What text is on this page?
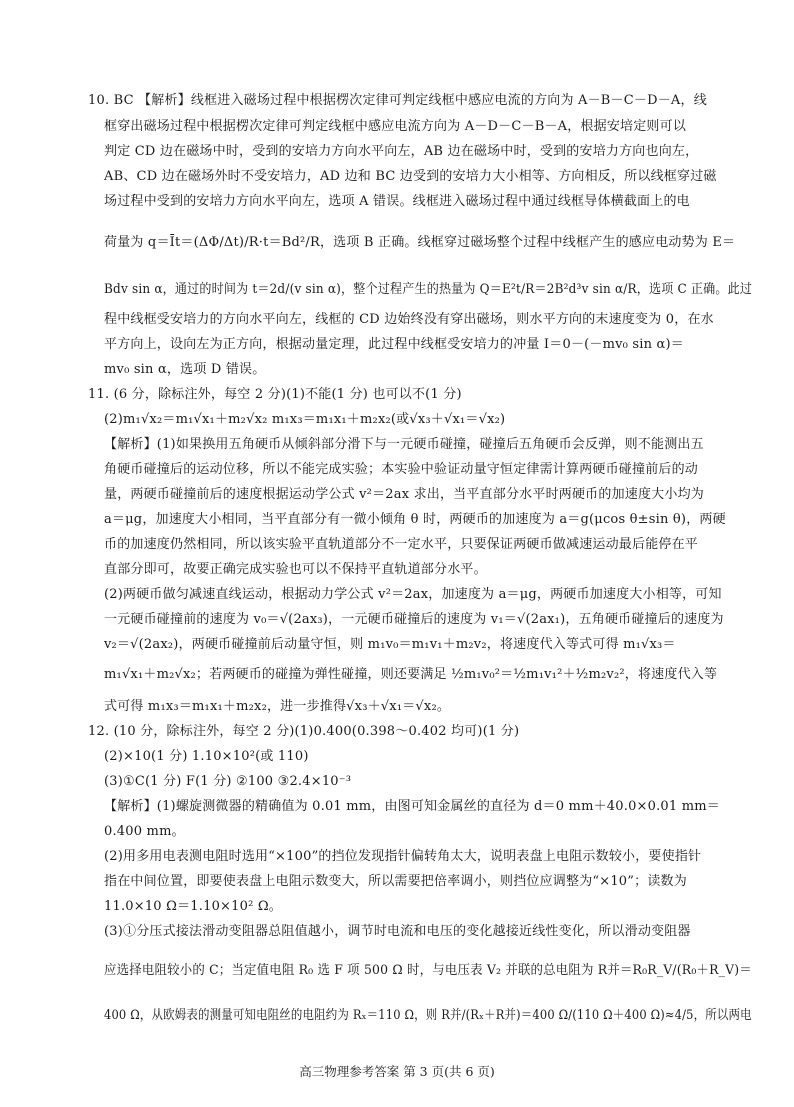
10. BC 【解析】线框进入磁场过程中根据楞次定律可判定线框中感应电流的方向为 A－B－C－D－A，线
框穿出磁场过程中根据楞次定律可判定线框中感应电流方向为 A－D－C－B－A，根据安培定则可以
判定 CD 边在磁场中时，受到的安培力方向水平向左，AB 边在磁场中时，受到的安培力方向也向左，
AB、CD 边在磁场外时不受安培力，AD 边和 BC 边受到的安培力大小相等、方向相反，所以线框穿过磁
场过程中受到的安培力方向水平向左，选项 A 错误。线框进入磁场过程中通过线框导体横截面上的电
荷量为 q＝Īt＝(ΔΦ/Δt)/R·t＝Bd²/R，选项 B 正确。线框穿过磁场整个过程中线框产生的感应电动势为 E＝
Bdv sin α，通过的时间为 t＝2d/(v sin α)，整个过程产生的热量为 Q＝E²t/R＝2B²d³v sin α/R，选项 C 正确。此过
程中线框受安培力的方向水平向左，线框的 CD 边始终没有穿出磁场，则水平方向的末速度变为 0，在水
平方向上，设向左为正方向，根据动量定理，此过程中线框受安培力的冲量 I＝0－(－mv₀ sin α)＝
mv₀ sin α，选项 D 错误。
11. (6 分，除标注外，每空 2 分)(1)不能(1 分) 也可以不(1 分)
(2)m₁√x₂＝m₁√x₁＋m₂√x₂ m₁x₃＝m₁x₁＋m₂x₂(或√x₃＋√x₁＝√x₂)
【解析】(1)如果换用五角硬币从倾斜部分滑下与一元硬币碰撞，碰撞后五角硬币会反弹，则不能测出五
角硬币碰撞后的运动位移，所以不能完成实验；本实验中验证动量守恒定律需计算两硬币碰撞前后的动
量，两硬币碰撞前后的速度根据运动学公式 v²＝2ax 求出，当平直部分水平时两硬币的加速度大小均为
a＝μg，加速度大小相同，当平直部分有一微小倾角 θ 时，两硬币的加速度为 a＝g(μcos θ±sin θ)，两硬
币的加速度仍然相同，所以该实验平直轨道部分不一定水平，只要保证两硬币做减速运动最后能停在平
直部分即可，故要正确完成实验也可以不保持平直轨道部分水平。
(2)两硬币做匀减速直线运动，根据动力学公式 v²＝2ax，加速度为 a＝μg，两硬币加速度大小相等，可知
一元硬币碰撞前的速度为 v₀＝√(2ax₃)，一元硬币碰撞后的速度为 v₁＝√(2ax₁)，五角硬币碰撞后的速度为
v₂＝√(2ax₂)，两硬币碰撞前后动量守恒，则 m₁v₀＝m₁v₁＋m₂v₂，将速度代入等式可得 m₁√x₃＝
m₁√x₁＋m₂√x₂；若两硬币的碰撞为弹性碰撞，则还要满足 ½m₁v₀²＝½m₁v₁²＋½m₂v₂²，将速度代入等
式可得 m₁x₃＝m₁x₁＋m₂x₂，进一步推得√x₃＋√x₁＝√x₂。
12. (10 分，除标注外，每空 2 分)(1)0.400(0.398～0.402 均可)(1 分)
(2)×10(1 分) 1.10×10²(或 110)
(3)①C(1 分) F(1 分) ②100 ③2.4×10⁻³
【解析】(1)螺旋测微器的精确值为 0.01 mm，由图可知金属丝的直径为 d＝0 mm＋40.0×0.01 mm＝
0.400 mm。
(2)用多用电表测电阻时选用“×100”的挡位发现指针偏转角太大，说明表盘上电阻示数较小，要使指针
指在中间位置，即要使表盘上电阻示数变大，所以需要把倍率调小，则挡位应调整为“×10”；读数为
11.0×10 Ω＝1.10×10² Ω。
(3)①分压式接法滑动变阻器总阻值越小，调节时电流和电压的变化越接近线性变化，所以滑动变阻器
应选择电阻较小的 C；当定值电阻 R₀ 选 F 项 500 Ω 时，与电压表 V₂ 并联的总电阻为 R并＝R₀R_V/(R₀＋R_V)＝
400 Ω，从欧姆表的测量可知电阻丝的电阻约为 Rₓ＝110 Ω，则 R并/(Rₓ＋R并)＝400 Ω/(110 Ω＋400 Ω)≈4/5，所以两电
高三物理参考答案 第 3 页(共 6 页)
